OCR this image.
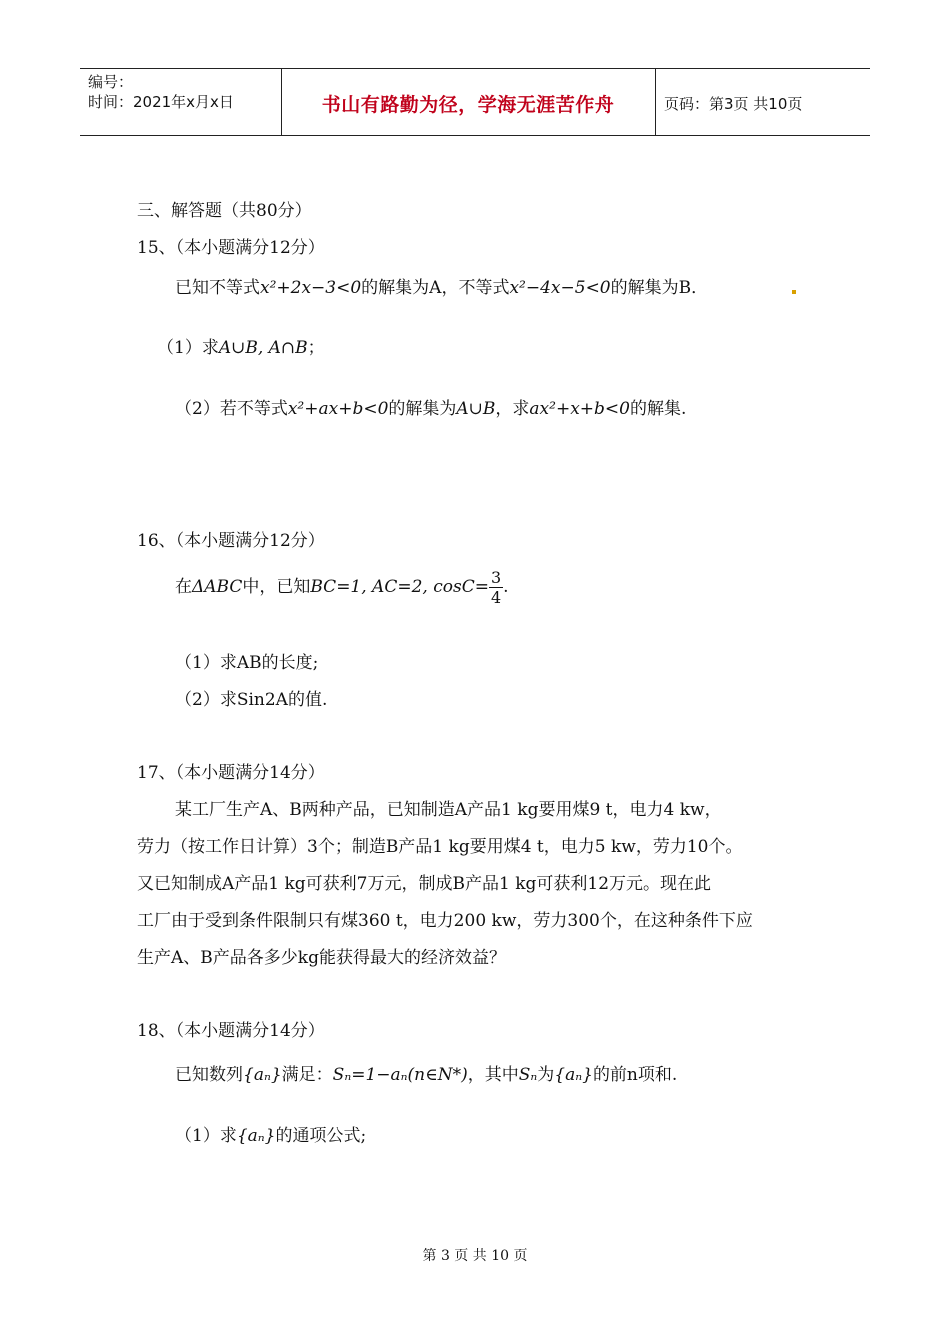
编号：
时间：2021年x月x日	书山有路勤为径，学海无涯苦作舟	页码：第3页 共10页
三、解答题（共80分）
15、（本小题满分12分）
已知不等式x²+2x−3<0的解集为A，不等式x²−4x−5<0的解集为B．
（1）求A∪B, A∩B；
（2）若不等式x²+ax+b<0的解集为A∪B，求ax²+x+b<0的解集.
16、（本小题满分12分）
在ΔABC中，已知BC=1, AC=2, $\cos C= \frac{3}{4}$ .
（1）求AB的长度;
（2）求Sin2A的值.
17、（本小题满分14分）
某工厂生产A、B两种产品，已知制造A产品1 kg要用煤9 t，电力4 kw，
劳力（按工作日计算）3个；制造B产品1 kg要用煤4 t，电力5 kw，劳力10个。
又已知制成A产品1 kg可获利7万元，制成B产品1 kg可获利12万元。现在此
工厂由于受到条件限制只有煤360 t，电力200 kw，劳力300个，在这种条件下应
生产A、B产品各多少kg能获得最大的经济效益？
18、（本小题满分14分）
已知数列{aₙ}满足：Sₙ=1−aₙ(n∈N*)，其中Sₙ为{aₙ}的前n项和.
（1）求{aₙ}的通项公式;
第 3 页 共 10 页
